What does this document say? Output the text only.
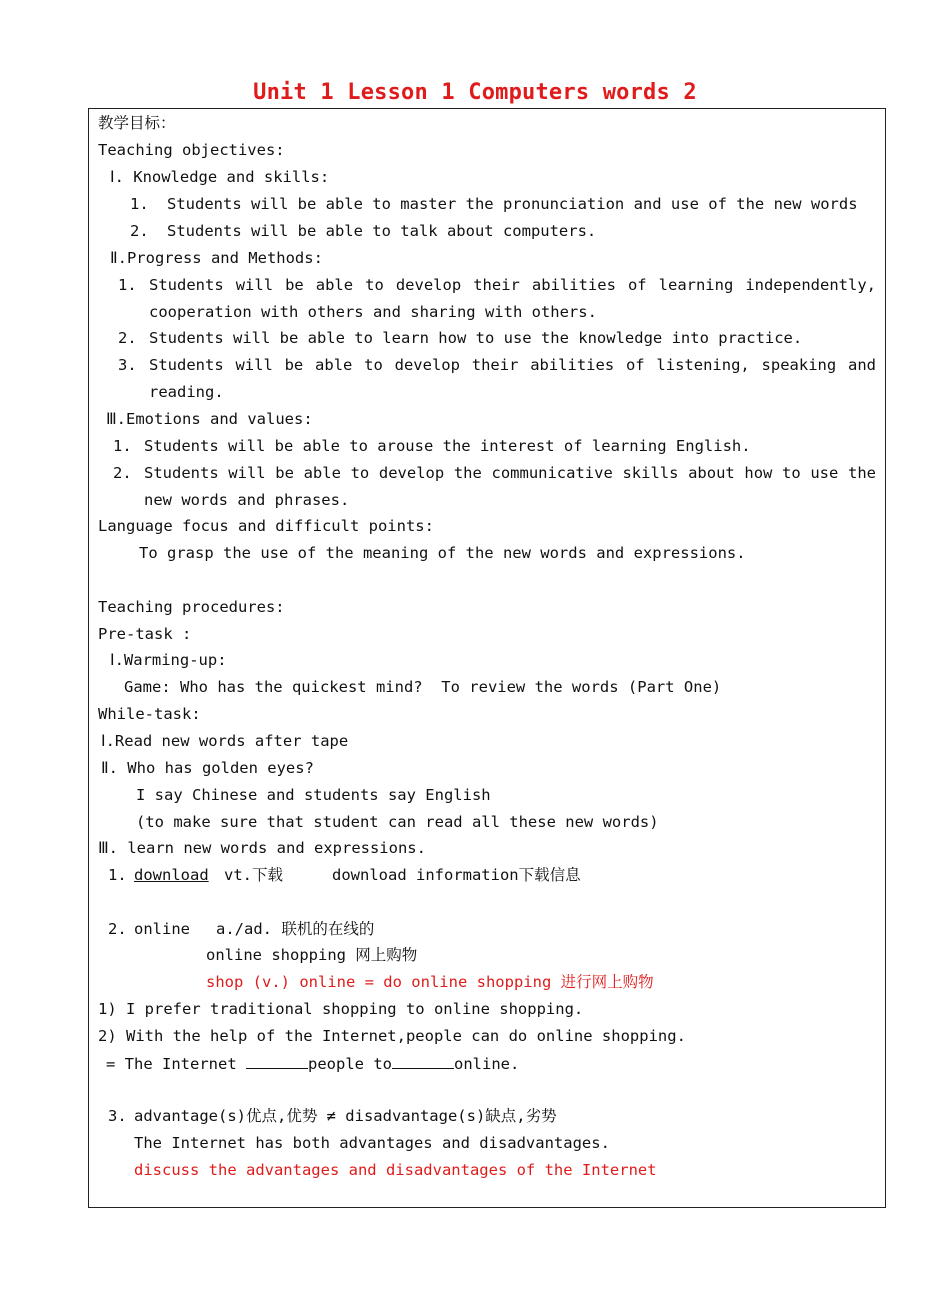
Unit 1 Lesson 1 Computers words 2
教学目标：
Teaching objectives:
Ⅰ. Knowledge and skills:
1. Students will be able to master the pronunciation and use of the new words
2. Students will be able to talk about computers.
Ⅱ.Progress and Methods:
1. Students will be able to develop their abilities of learning independently,
cooperation with others and sharing with others.
2. Students will be able to learn how to use the knowledge into practice.
3. Students will be able to develop their abilities of listening, speaking and
reading.
Ⅲ.Emotions and values:
1. Students will be able to arouse the interest of learning English.
2. Students will be able to develop the communicative skills about how to use the
new words and phrases.
Language focus and difficult points:
To grasp the use of the meaning of the new words and expressions.
Teaching procedures:
Pre-task :
Ⅰ.Warming-up:
Game: Who has the quickest mind?  To review the words (Part One)
While-task:
Ⅰ.Read new words after tape
Ⅱ. Who has golden eyes?
I say Chinese and students say English
(to make sure that student can read all these new words)
Ⅲ. learn new words and expressions.
1. download vt.下载	download information下载信息
2. online a./ad. 联机的在线的
online shopping 网上购物
shop (v.) online = do online shopping 进行网上购物
1) I prefer traditional shopping to online shopping.
2) With the help of the Internet,people can do online shopping.
= The Internet	people to	online.
3. advantage(s)优点,优势 ≠ disadvantage(s)缺点,劣势
The Internet has both advantages and disadvantages.
discuss the advantages and disadvantages of the Internet
